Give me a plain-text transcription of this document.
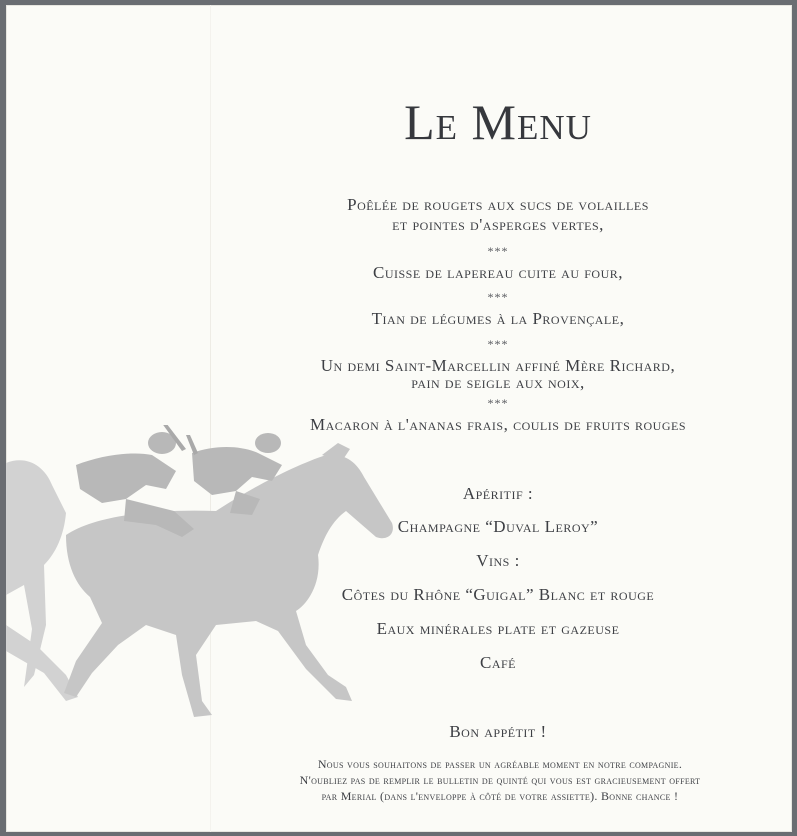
Le Menu
Poêlée de rougets aux sucs de volailles
et pointes d'asperges vertes,
***
Cuisse de lapereau cuite au four,
***
Tian de légumes à la Provençale,
***
Un demi Saint-Marcellin affiné Mère Richard,
pain de seigle aux noix,
***
Macaron à l'ananas frais, coulis de fruits rouges
Apéritif :
Champagne “Duval Leroy”
Vins :
Côtes du Rhône “Guigal” Blanc et rouge
Eaux minérales plate et gazeuse
Café
Bon appétit !
Nous vous souhaitons de passer un agréable moment en notre compagnie.
N'oubliez pas de remplir le bulletin de quinté qui vous est gracieusement offert
par Merial (dans l'enveloppe à côté de votre assiette). Bonne chance !
